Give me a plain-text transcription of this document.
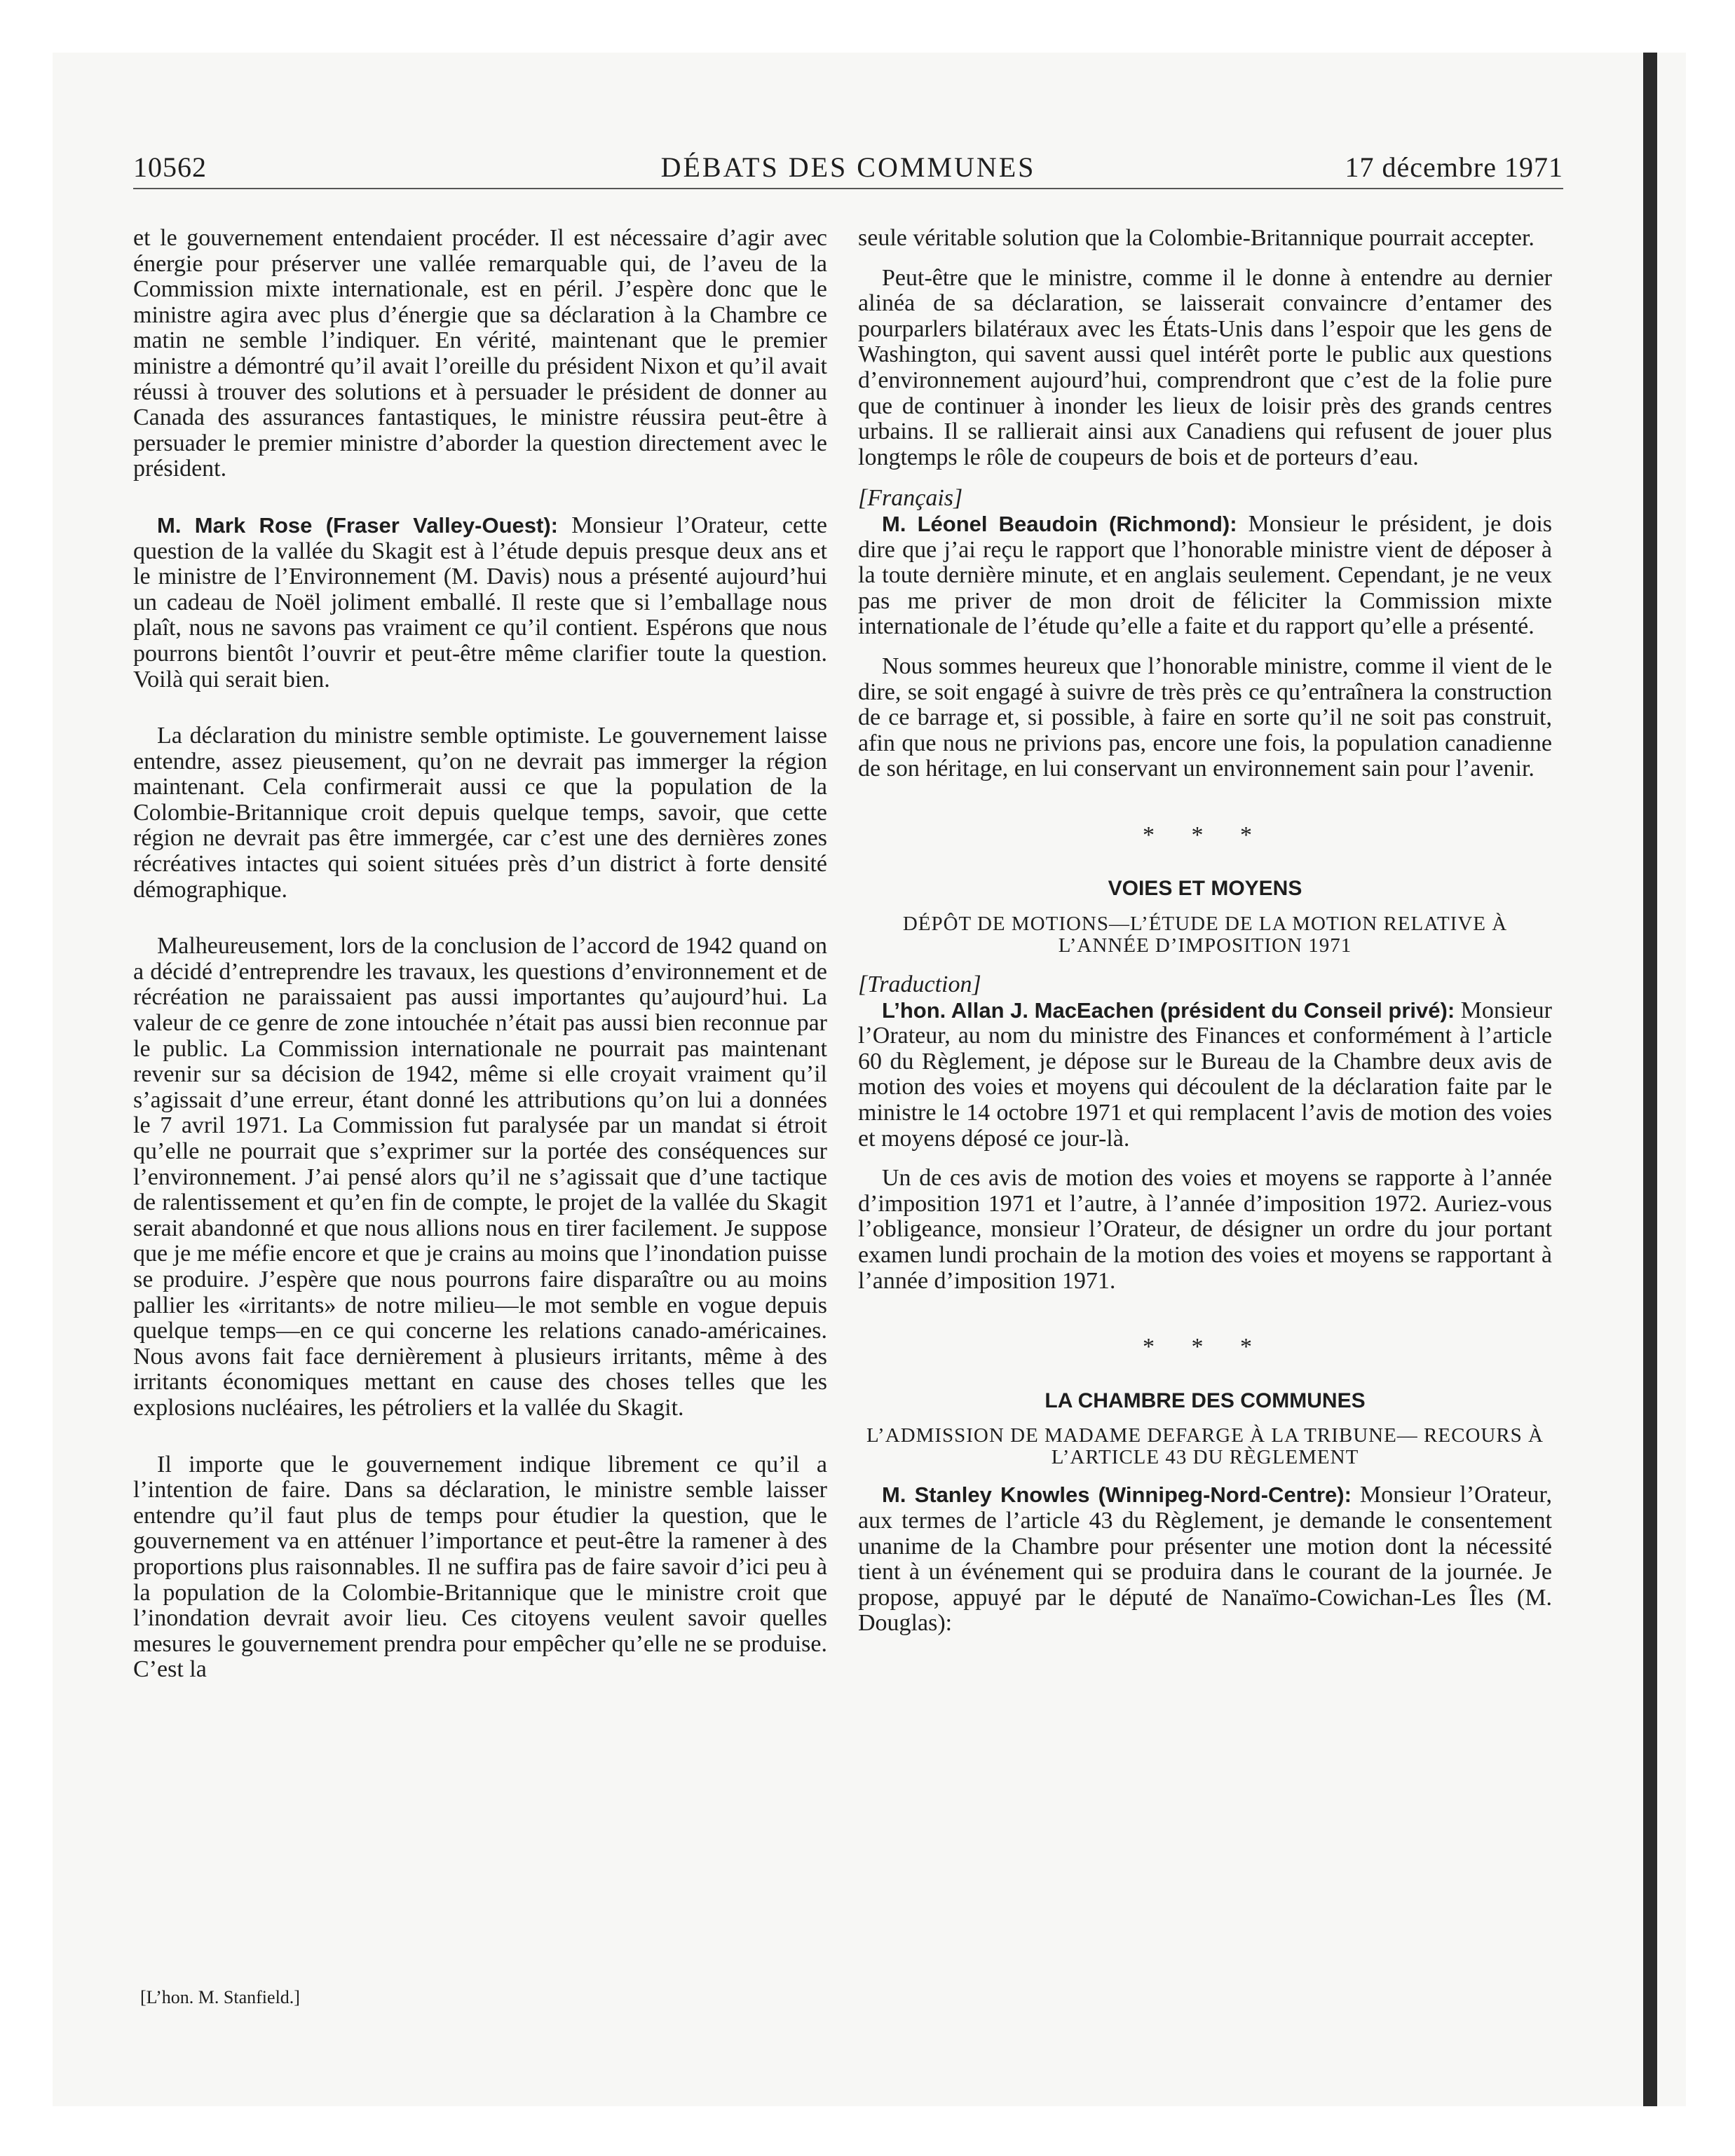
10562	DÉBATS DES COMMUNES	17 décembre 1971

et le gouvernement entendaient procéder. Il est nécessaire d’agir avec énergie pour préserver une vallée remarquable qui, de l’aveu de la Commission mixte internationale, est en péril. J’espère donc que le ministre agira avec plus d’énergie que sa déclaration à la Chambre ce matin ne semble l’indiquer. En vérité, maintenant que le premier ministre a démontré qu’il avait l’oreille du président Nixon et qu’il avait réussi à trouver des solutions et à persuader le président de donner au Canada des assurances fantastiques, le ministre réussira peut-être à persuader le premier ministre d’aborder la question directement avec le président.

M. Mark Rose (Fraser Valley-Ouest): Monsieur l’Orateur, cette question de la vallée du Skagit est à l’étude depuis presque deux ans et le ministre de l’Environnement (M. Davis) nous a présenté aujourd’hui un cadeau de Noël joliment emballé. Il reste que si l’emballage nous plaît, nous ne savons pas vraiment ce qu’il contient. Espérons que nous pourrons bientôt l’ouvrir et peut-être même clarifier toute la question. Voilà qui serait bien.

La déclaration du ministre semble optimiste. Le gouvernement laisse entendre, assez pieusement, qu’on ne devrait pas immerger la région maintenant. Cela confirmerait aussi ce que la population de la Colombie-Britannique croit depuis quelque temps, savoir, que cette région ne devrait pas être immergée, car c’est une des dernières zones récréatives intactes qui soient situées près d’un district à forte densité démographique.

Malheureusement, lors de la conclusion de l’accord de 1942 quand on a décidé d’entreprendre les travaux, les questions d’environnement et de récréation ne paraissaient pas aussi importantes qu’aujourd’hui. La valeur de ce genre de zone intouchée n’était pas aussi bien reconnue par le public. La Commission internationale ne pourrait pas maintenant revenir sur sa décision de 1942, même si elle croyait vraiment qu’il s’agissait d’une erreur, étant donné les attributions qu’on lui a données le 7 avril 1971. La Commission fut paralysée par un mandat si étroit qu’elle ne pourrait que s’exprimer sur la portée des conséquences sur l’environnement. J’ai pensé alors qu’il ne s’agissait que d’une tactique de ralentissement et qu’en fin de compte, le projet de la vallée du Skagit serait abandonné et que nous allions nous en tirer facilement. Je suppose que je me méfie encore et que je crains au moins que l’inondation puisse se produire. J’espère que nous pourrons faire disparaître ou au moins pallier les «irritants» de notre milieu—le mot semble en vogue depuis quelque temps—en ce qui concerne les relations canado-américaines. Nous avons fait face dernièrement à plusieurs irritants, même à des irritants économiques mettant en cause des choses telles que les explosions nucléaires, les pétroliers et la vallée du Skagit.

Il importe que le gouvernement indique librement ce qu’il a l’intention de faire. Dans sa déclaration, le ministre semble laisser entendre qu’il faut plus de temps pour étudier la question, que le gouvernement va en atténuer l’importance et peut-être la ramener à des proportions plus raisonnables. Il ne suffira pas de faire savoir d’ici peu à la population de la Colombie-Britannique que le ministre croit que l’inondation devrait avoir lieu. Ces citoyens veulent savoir quelles mesures le gouvernement prendra pour empêcher qu’elle ne se produise. C’est la

[L’hon. M. Stanfield.]

seule véritable solution que la Colombie-Britannique pourrait accepter.

Peut-être que le ministre, comme il le donne à entendre au dernier alinéa de sa déclaration, se laisserait convaincre d’entamer des pourparlers bilatéraux avec les États-Unis dans l’espoir que les gens de Washington, qui savent aussi quel intérêt porte le public aux questions d’environnement aujourd’hui, comprendront que c’est de la folie pure que de continuer à inonder les lieux de loisir près des grands centres urbains. Il se rallierait ainsi aux Canadiens qui refusent de jouer plus longtemps le rôle de coupeurs de bois et de porteurs d’eau.

[Français]

M. Léonel Beaudoin (Richmond): Monsieur le président, je dois dire que j’ai reçu le rapport que l’honorable ministre vient de déposer à la toute dernière minute, et en anglais seulement. Cependant, je ne veux pas me priver de mon droit de féliciter la Commission mixte internationale de l’étude qu’elle a faite et du rapport qu’elle a présenté.

Nous sommes heureux que l’honorable ministre, comme il vient de le dire, se soit engagé à suivre de très près ce qu’entraînera la construction de ce barrage et, si possible, à faire en sorte qu’il ne soit pas construit, afin que nous ne privions pas, encore une fois, la population canadienne de son héritage, en lui conservant un environnement sain pour l’avenir.

* * *
VOIES ET MOYENS
DÉPÔT DE MOTIONS—L’ÉTUDE DE LA MOTION RELATIVE À L’ANNÉE D’IMPOSITION 1971
[Traduction]

L’hon. Allan J. MacEachen (président du Conseil privé): Monsieur l’Orateur, au nom du ministre des Finances et conformément à l’article 60 du Règlement, je dépose sur le Bureau de la Chambre deux avis de motion des voies et moyens qui découlent de la déclaration faite par le ministre le 14 octobre 1971 et qui remplacent l’avis de motion des voies et moyens déposé ce jour-là.

Un de ces avis de motion des voies et moyens se rapporte à l’année d’imposition 1971 et l’autre, à l’année d’imposition 1972. Auriez-vous l’obligeance, monsieur l’Orateur, de désigner un ordre du jour portant examen lundi prochain de la motion des voies et moyens se rapportant à l’année d’imposition 1971.

* * *
LA CHAMBRE DES COMMUNES
L’ADMISSION DE MADAME DEFARGE À LA TRIBUNE— RECOURS À L’ARTICLE 43 DU RÈGLEMENT

M. Stanley Knowles (Winnipeg-Nord-Centre): Monsieur l’Orateur, aux termes de l’article 43 du Règlement, je demande le consentement unanime de la Chambre pour présenter une motion dont la nécessité tient à un événement qui se produira dans le courant de la journée. Je propose, appuyé par le député de Nanaïmo-Cowichan-Les Îles (M. Douglas):
